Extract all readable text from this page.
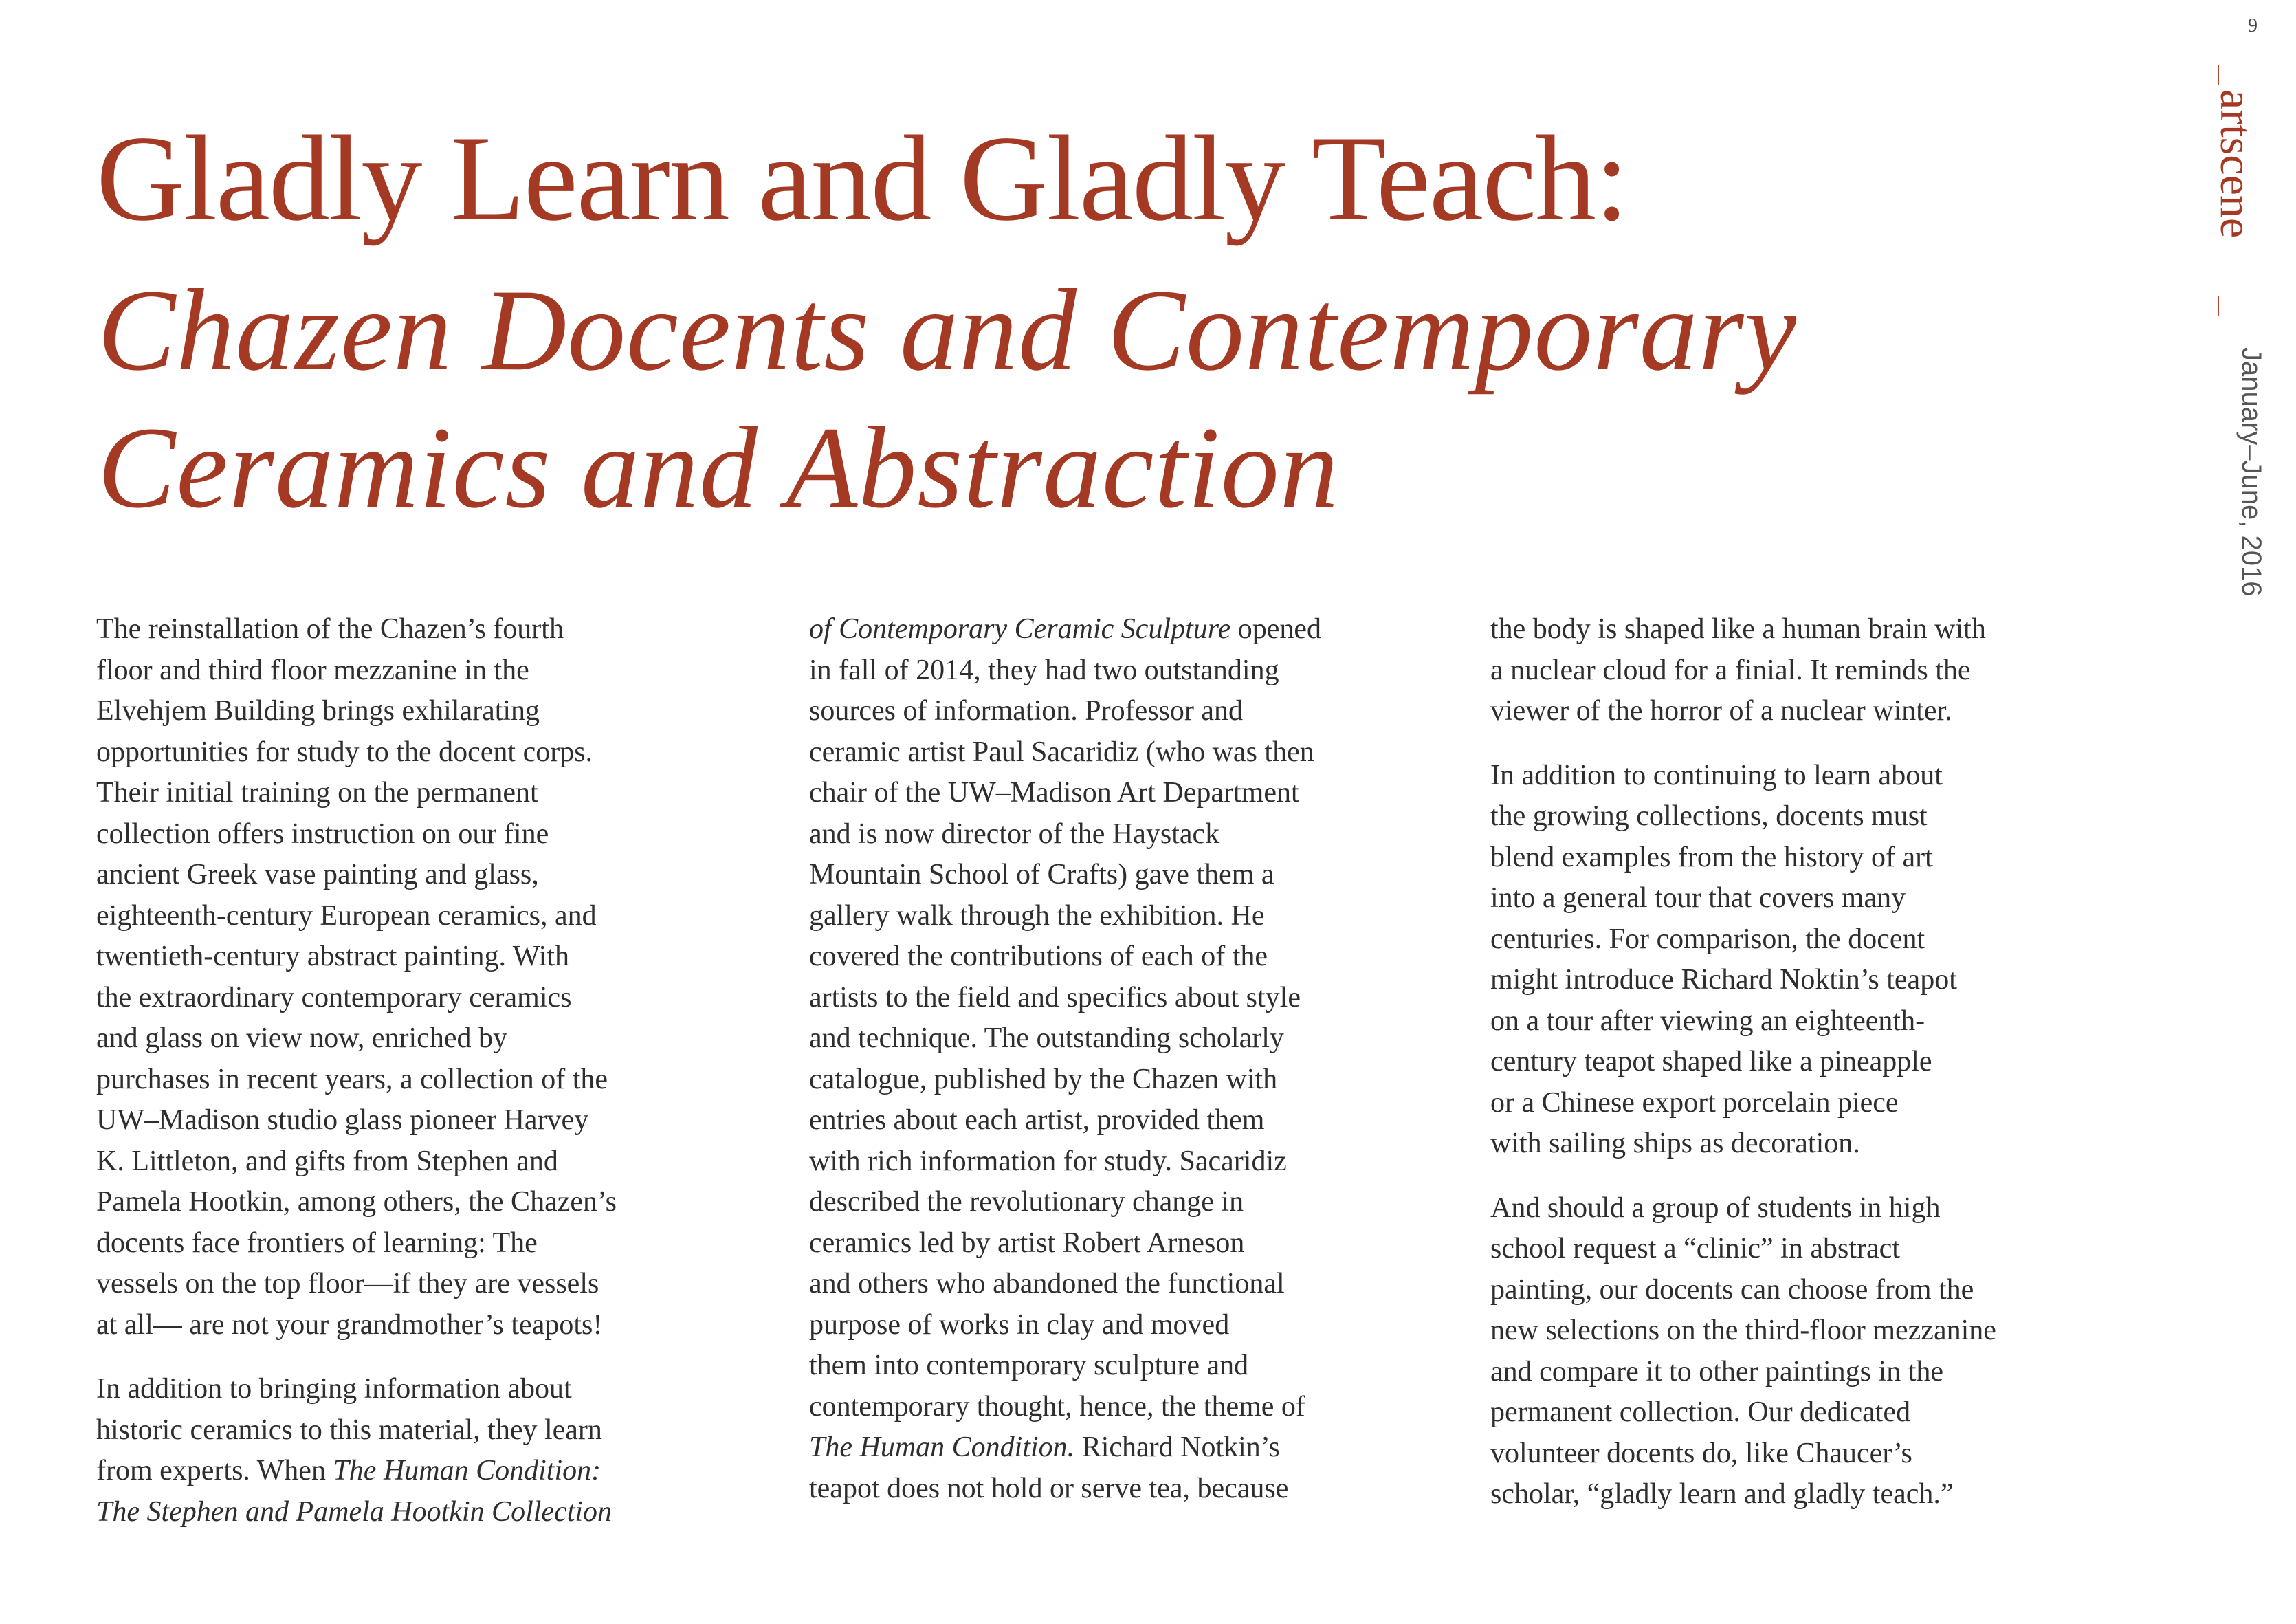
9
artscene
January–June, 2016
Gladly Learn and Gladly Teach:
Chazen Docents and Contemporary
Ceramics and Abstraction

The reinstallation of the Chazen’s fourth
floor and third floor mezzanine in the
Elvehjem Building brings exhilarating
opportunities for study to the docent corps.
Their initial training on the permanent
collection offers instruction on our fine
ancient Greek vase painting and glass,
eighteenth-century European ceramics, and
twentieth-century abstract painting. With
the extraordinary contemporary ceramics
and glass on view now, enriched by
purchases in recent years, a collection of the
UW–Madison studio glass pioneer Harvey
K. Littleton, and gifts from Stephen and
Pamela Hootkin, among others, the Chazen’s
docents face frontiers of learning: The
vessels on the top floor—if they are vessels
at all— are not your grandmother’s teapots!

In addition to bringing information about
historic ceramics to this material, they learn
from experts. When The Human Condition:
The Stephen and Pamela Hootkin Collection

of Contemporary Ceramic Sculpture opened
in fall of 2014, they had two outstanding
sources of information. Professor and
ceramic artist Paul Sacaridiz (who was then
chair of the UW–Madison Art Department
and is now director of the Haystack
Mountain School of Crafts) gave them a
gallery walk through the exhibition. He
covered the contributions of each of the
artists to the field and specifics about style
and technique. The outstanding scholarly
catalogue, published by the Chazen with
entries about each artist, provided them
with rich information for study. Sacaridiz
described the revolutionary change in
ceramics led by artist Robert Arneson
and others who abandoned the functional
purpose of works in clay and moved
them into contemporary sculpture and
contemporary thought, hence, the theme of
The Human Condition. Richard Notkin’s
teapot does not hold or serve tea, because

the body is shaped like a human brain with
a nuclear cloud for a finial. It reminds the
viewer of the horror of a nuclear winter.

In addition to continuing to learn about
the growing collections, docents must
blend examples from the history of art
into a general tour that covers many
centuries. For comparison, the docent
might introduce Richard Noktin’s teapot
on a tour after viewing an eighteenth-
century teapot shaped like a pineapple
or a Chinese export porcelain piece
with sailing ships as decoration.

And should a group of students in high
school request a “clinic” in abstract
painting, our docents can choose from the
new selections on the third-floor mezzanine
and compare it to other paintings in the
permanent collection. Our dedicated
volunteer docents do, like Chaucer’s
scholar, “gladly learn and gladly teach.”
